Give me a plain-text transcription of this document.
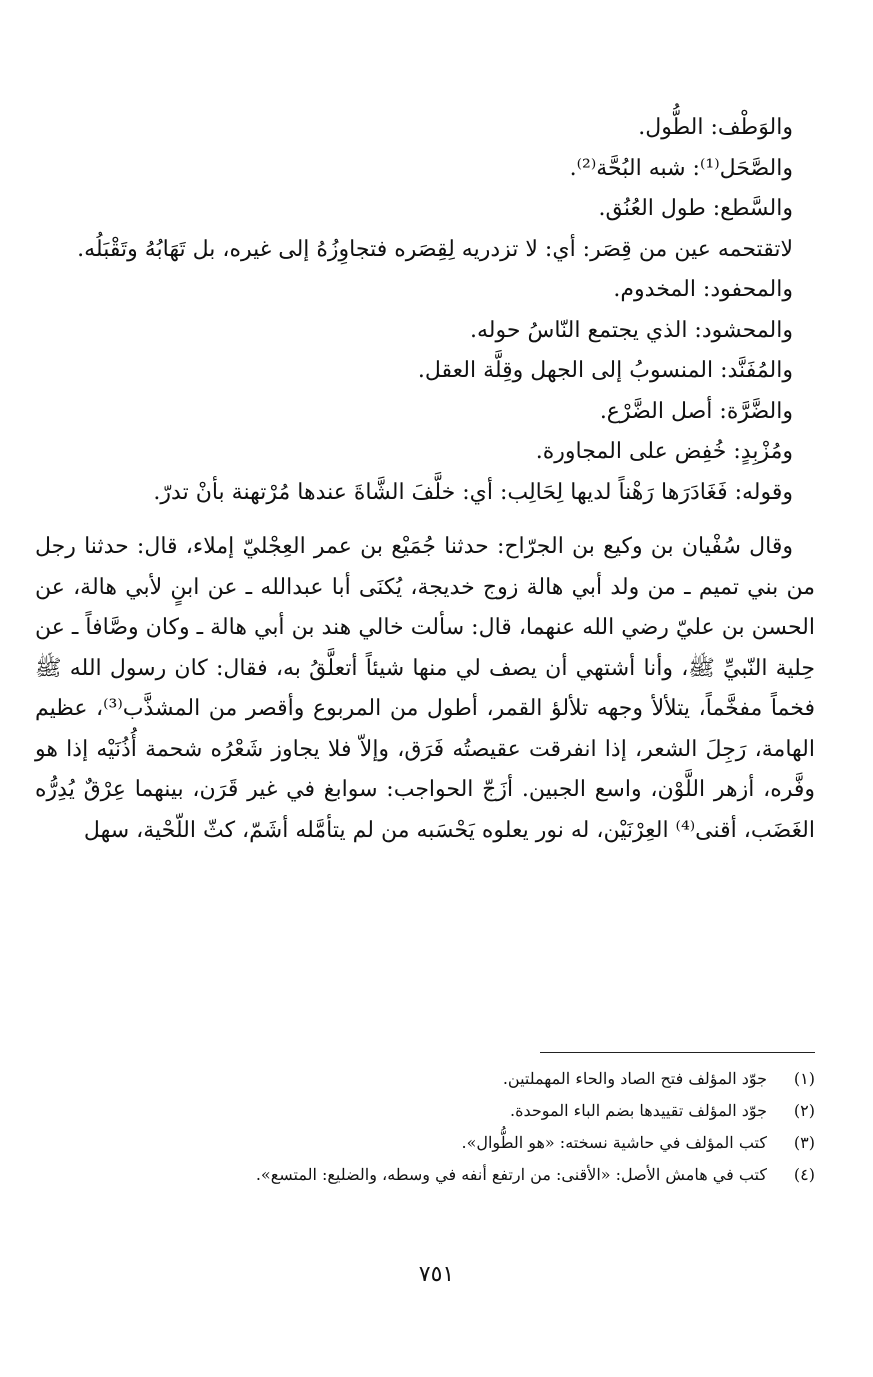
والوَطْف: الطُّول.

والصَّحَل⁽¹⁾: شبه البُحَّة⁽²⁾.

والسَّطع: طول العُنُق.

لاتقتحمه عين من قِصَر: أي: لا تزدريه لِقِصَره فتجاوِزُهُ إلى غيره، بل تَهَابُهُ وتَقْبَلُه.

والمحفود: المخدوم.

والمحشود: الذي يجتمع النّاسُ حوله.

والمُفَنَّد: المنسوبُ إلى الجهل وقِلَّة العقل.

والضَّرَّة: أصل الضَّرْع.

ومُزْبِدٍ: خُفِض على المجاورة.

وقوله: فَغَادَرَها رَهْناً لديها لِحَالِب: أي: خلَّفَ الشَّاةَ عندها مُرْتهنة بأنْ تدرّ.

وقال سُفْيان بن وكيع بن الجرّاح: حدثنا جُمَيْع بن عمر العِجْليّ إملاء، قال: حدثنا رجل من بني تميم ـ من ولد أبي هالة زوج خديجة، يُكنَى أبا عبدالله ـ عن ابنٍ لأبي هالة، عن الحسن بن عليّ رضي الله عنهما، قال: سألت خالي هند بن أبي هالة ـ وكان وصَّافاً ـ عن حِلية النّبيِّ ﷺ، وأنا أشتهي أن يصف لي منها شيئاً أتعلَّقُ به، فقال: كان رسول الله ﷺ فخماً مفخَّماً، يتلألأ وجهه تلألؤ القمر، أطول من المربوع وأقصر من المشذَّب⁽³⁾، عظيم الهامة، رَجِلَ الشعر، إذا انفرقت عقيصتُه فَرَق، وإلاّ فلا يجاوز شَعْرُه شحمة أُذُنَيْه إذا هو وفَّره، أزهر اللَّوْن، واسع الجبين. أزَجّ الحواجب: سوابغ في غير قَرَن، بينهما عِرْقٌ يُدِرُّه الغَضَب، أقنى⁽⁴⁾ العِرْنَيْن، له نور يعلوه يَحْسَبه من لم يتأمَّله أشَمّ، كثّ اللّحْية، سهل

(١)
جوّد المؤلف فتح الصاد والحاء المهملتين.
(٢)
جوّد المؤلف تقييدها بضم الباء الموحدة.
(٣)
كتب المؤلف في حاشية نسخته: «هو الطُّوال».
(٤)
كتب في هامش الأصل: «الأقنى: من ارتفع أنفه في وسطه، والضليع: المتسع».
٧٥١
